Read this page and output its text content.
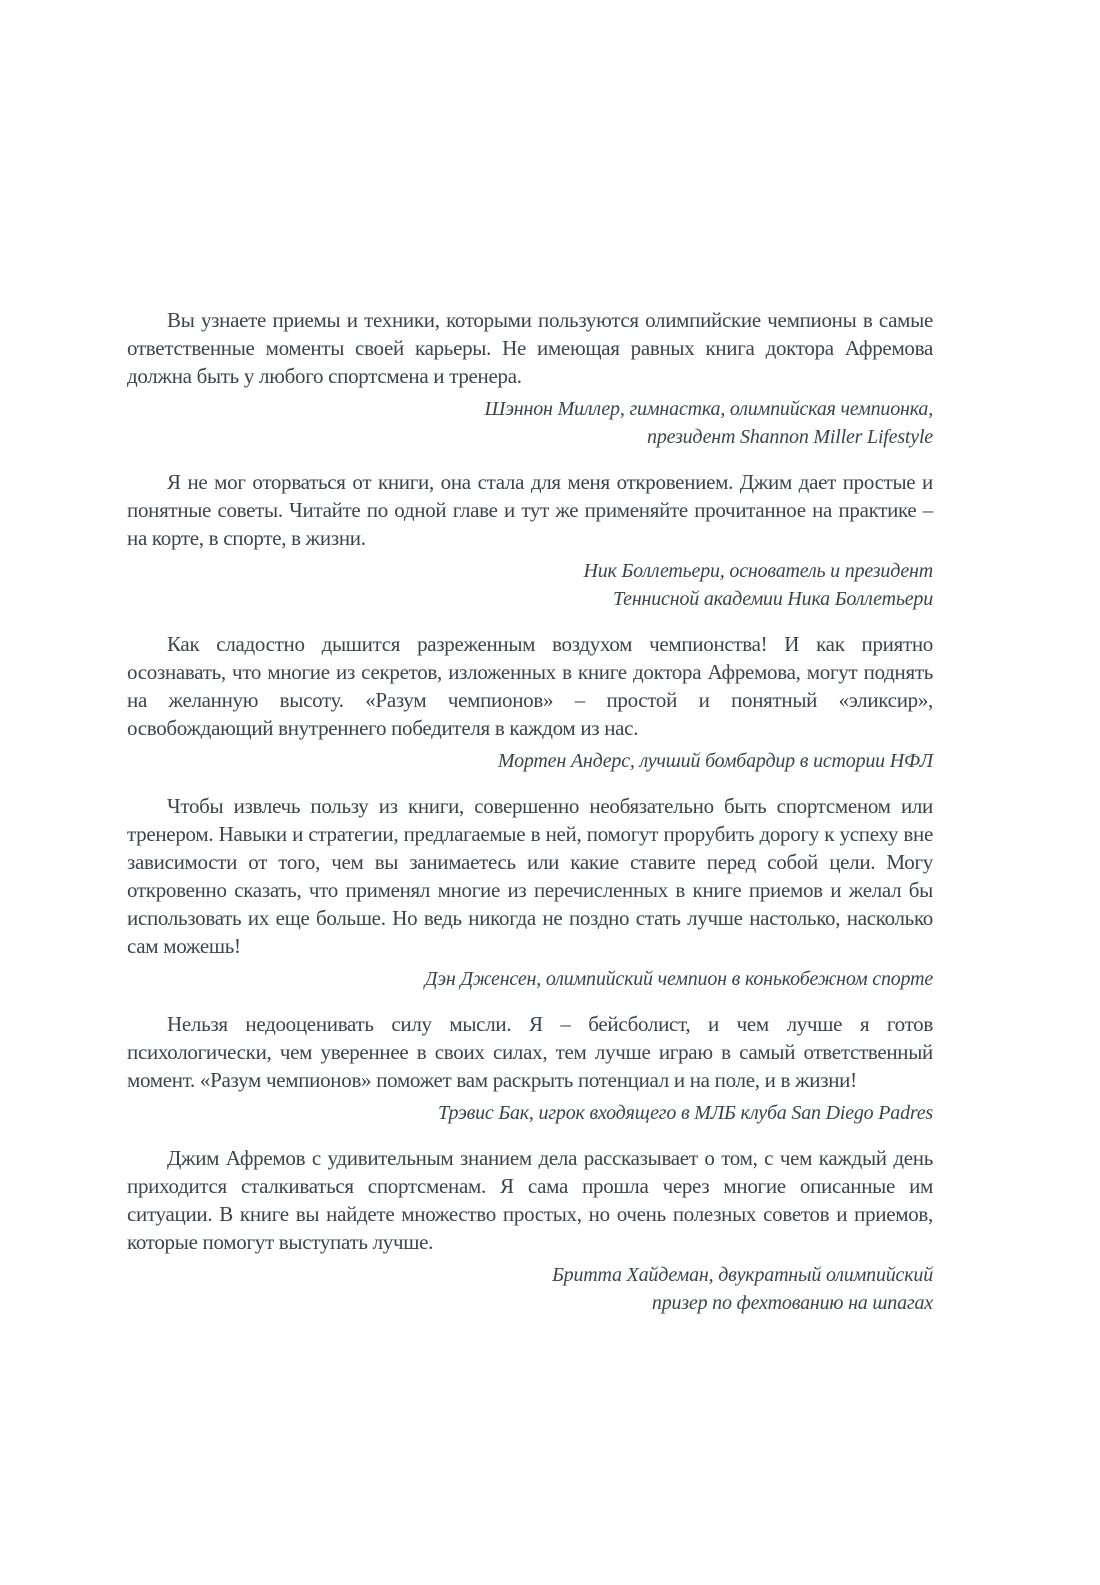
Вы узнаете приемы и техники, которыми пользуются олимпийские чемпионы в самые ответственные моменты своей карьеры. Не имеющая равных книга доктора Афремова должна быть у любого спортсмена и тренера.

Шэннон Миллер, гимнастка, олимпийская чемпионка,
президент Shannon Miller Lifestyle

Я не мог оторваться от книги, она стала для меня откровением. Джим дает простые и понятные советы. Читайте по одной главе и тут же применяйте прочитанное на практике – на корте, в спорте, в жизни.

Ник Боллетьери, основатель и президент
Теннисной академии Ника Боллетьери

Как сладостно дышится разреженным воздухом чемпионства! И как приятно осознавать, что многие из секретов, изложенных в книге доктора Афремова, могут поднять на желанную высоту. «Разум чемпионов» – простой и понятный «эликсир», освобождающий внутреннего победителя в каждом из нас.

Мортен Андерс, лучший бомбардир в истории НФЛ

Чтобы извлечь пользу из книги, совершенно необязательно быть спортсменом или тренером. Навыки и стратегии, предлагаемые в ней, помогут прорубить дорогу к успеху вне зависимости от того, чем вы занимаетесь или какие ставите перед собой цели. Могу откровенно сказать, что применял многие из перечисленных в книге приемов и желал бы использовать их еще больше. Но ведь никогда не поздно стать лучше настолько, насколько сам можешь!

Дэн Дженсен, олимпийский чемпион в конькобежном спорте

Нельзя недооценивать силу мысли. Я – бейсболист, и чем лучше я готов психологически, чем увереннее в своих силах, тем лучше играю в самый ответственный момент. «Разум чемпионов» поможет вам раскрыть потенциал и на поле, и в жизни!

Трэвис Бак, игрок входящего в МЛБ клуба San Diego Padres

Джим Афремов с удивительным знанием дела рассказывает о том, с чем каждый день приходится сталкиваться спортсменам. Я сама прошла через многие описанные им ситуации. В книге вы найдете множество простых, но очень полезных советов и приемов, которые помогут выступать лучше.

Бритта Хайдеман, двукратный олимпийский
призер по фехтованию на шпагах
